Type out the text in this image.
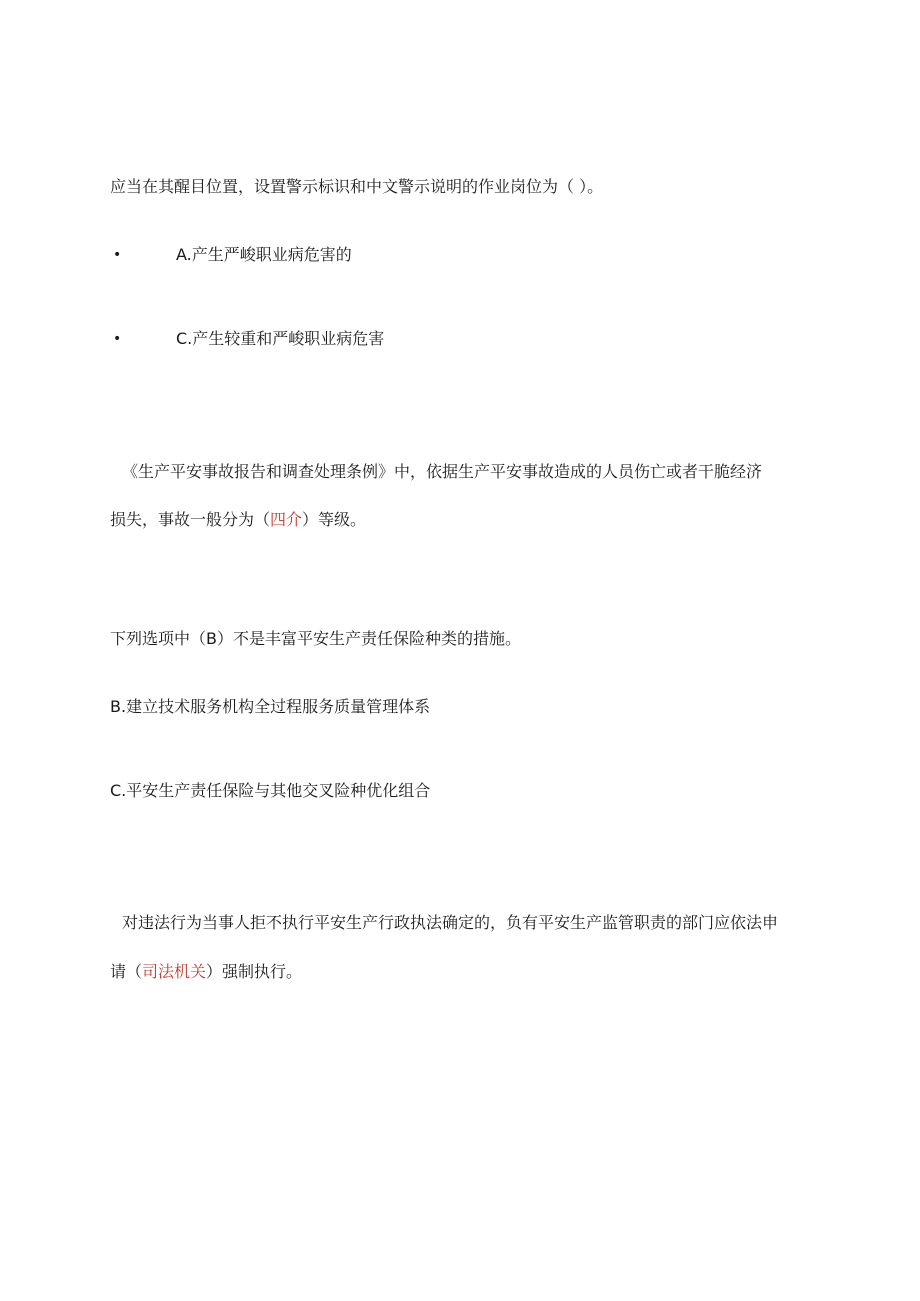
应当在其醒目位置，设置警示标识和中文警示说明的作业岗位为（ ）。
•	A.产生严峻职业病危害的
•	C.产生较重和严峻职业病危害
《生产平安事故报告和调查处理条例》中，依据生产平安事故造成的人员伤亡或者干脆经济
损失，事故一般分为（四介）等级。
下列选项中（B）不是丰富平安生产责任保险种类的措施。
B.建立技术服务机构全过程服务质量管理体系
C.平安生产责任保险与其他交叉险种优化组合
对违法行为当事人拒不执行平安生产行政执法确定的，负有平安生产监管职责的部门应依法申
请（司法机关）强制执行。
